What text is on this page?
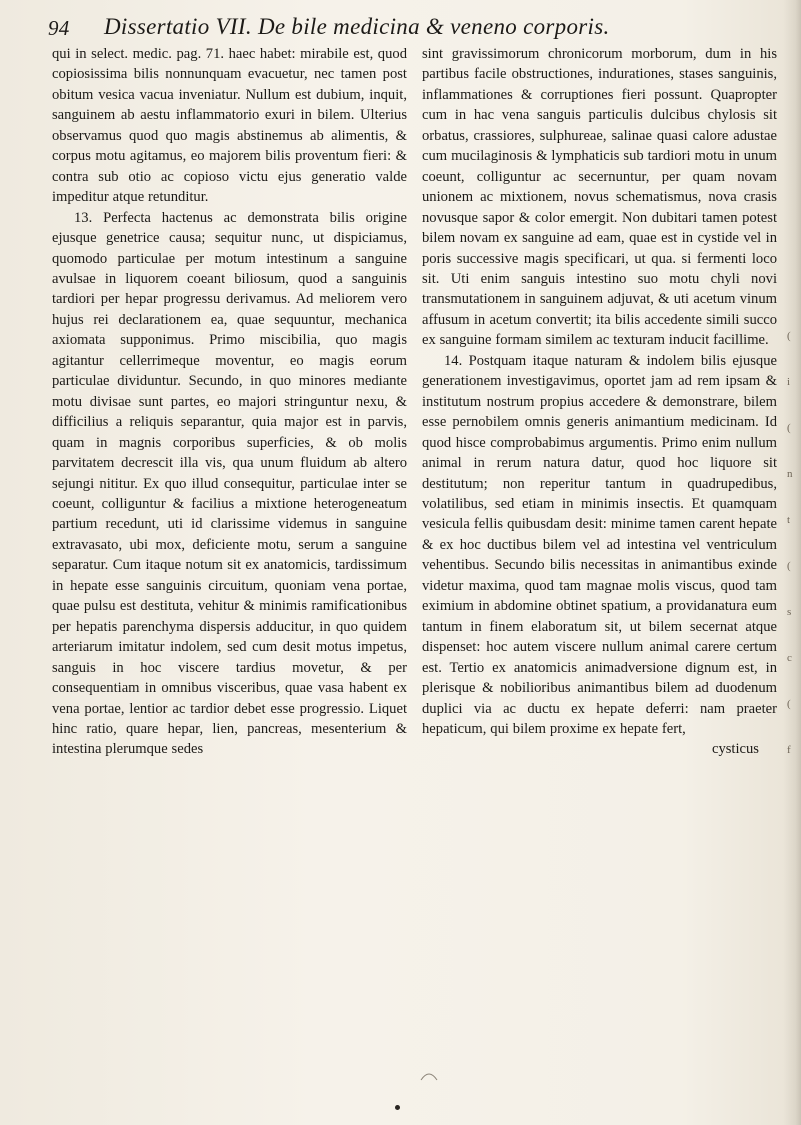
94 Dissertatio VII. De bile medicina & veneno corporis.

qui in select. medic. pag. 71. haec habet: mirabile est, quod copiosissima bilis nonnunquam evacuetur, nec tamen post obitum vesica vacua inveniatur. Nullum est dubium, inquit, sanguinem ab aestu inflammatorio exuri in bilem. Ulterius observamus quod quo magis abstinemus ab alimentis, & corpus motu agitamus, eo majorem bilis proventum fieri: & contra sub otio ac copioso victu ejus generatio valde impeditur atque retunditur.

13. Perfecta hactenus ac demonstrata bilis origine ejusque genetrice causa; sequitur nunc, ut dispiciamus, quomodo particulae per motum intestinum a sanguine avulsae in liquorem coeant biliosum, quod a sanguinis tardiori per hepar progressu derivamus. Ad meliorem vero hujus rei declarationem ea, quae sequuntur, mechanica axiomata supponimus. Primo miscibilia, quo magis agitantur cellerrimeque moventur, eo magis eorum particulae dividuntur. Secundo, in quo minores mediante motu divisae sunt partes, eo majori stringuntur nexu, & difficilius a reliquis separantur, quia major est in parvis, quam in magnis corporibus superficies, & ob molis parvitatem decrescit illa vis, qua unum fluidum ab altero sejungi nititur. Ex quo illud consequitur, particulae inter se coeunt, colliguntur & facilius a mixtione heterogeneatum partium recedunt, uti id clarissime videmus in sanguine extravasato, ubi mox, deficiente motu, serum a sanguine separatur. Cum itaque notum sit ex anatomicis, tardissimum in hepate esse sanguinis circuitum, quoniam vena portae, quae pulsu est destituta, vehitur & minimis ramificationibus per hepatis parenchyma dispersis adducitur, in quo quidem arteriarum imitatur indolem, sed cum desit motus impetus, sanguis in hoc viscere tardius movetur, & per consequentiam in omnibus visceribus, quae vasa habent ex vena portae, lentior ac tardior debet esse progressio. Liquet hinc ratio, quare hepar, lien, pancreas, mesenterium & intestina plerumque sedes

sint gravissimorum chronicorum morborum, dum in his partibus facile obstructiones, indurationes, stases sanguinis, inflammationes & corruptiones fieri possunt. Quapropter cum in hac vena sanguis particulis dulcibus chylosis sit orbatus, crassiores, sulphureae, salinae quasi calore adustae cum mucilaginosis & lymphaticis sub tardiori motu in unum coeunt, colliguntur ac secernuntur, per quam novam unionem ac mixtionem, novus schematismus, nova crasis novusque sapor & color emergit. Non dubitari tamen potest bilem novam ex sanguine ad eam, quae est in cystide vel in poris successive magis specificari, ut qua. si fermenti loco sit. Uti enim sanguis intestino suo motu chyli novi transmutationem in sanguinem adjuvat, & uti acetum vinum affusum in acetum convertit; ita bilis accedente simili succo ex sanguine formam similem ac texturam inducit facillime.

14. Postquam itaque naturam & indolem bilis ejusque generationem investigavimus, oportet jam ad rem ipsam & institutum nostrum propius accedere & demonstrare, bilem esse pernobilem omnis generis animantium medicinam. Id quod hisce comprobabimus argumentis. Primo enim nullum animal in rerum natura datur, quod hoc liquore sit destitutum; non reperitur tantum in quadrupedibus, volatilibus, sed etiam in minimis insectis. Et quamquam vesicula fellis quibusdam desit: minime tamen carent hepate & ex hoc ductibus bilem vel ad intestina vel ventriculum vehentibus. Secundo bilis necessitas in animantibus exinde videtur maxima, quod tam magnae molis viscus, quod tam eximium in abdomine obtinet spatium, a providanatura eum tantum in finem elaboratum sit, ut bilem secernat atque dispenset: hoc autem viscere nullum animal carere certum est. Tertio ex anatomicis animadversione dignum est, in plerisque & nobilioribus animantibus bilem ad duodenum duplici via ac ductu ex hepate deferri: nam praeter hepaticum, qui bilem proxime ex hepate fert,

cysticus
(
i
(
n
t
(
s
c
(
f
